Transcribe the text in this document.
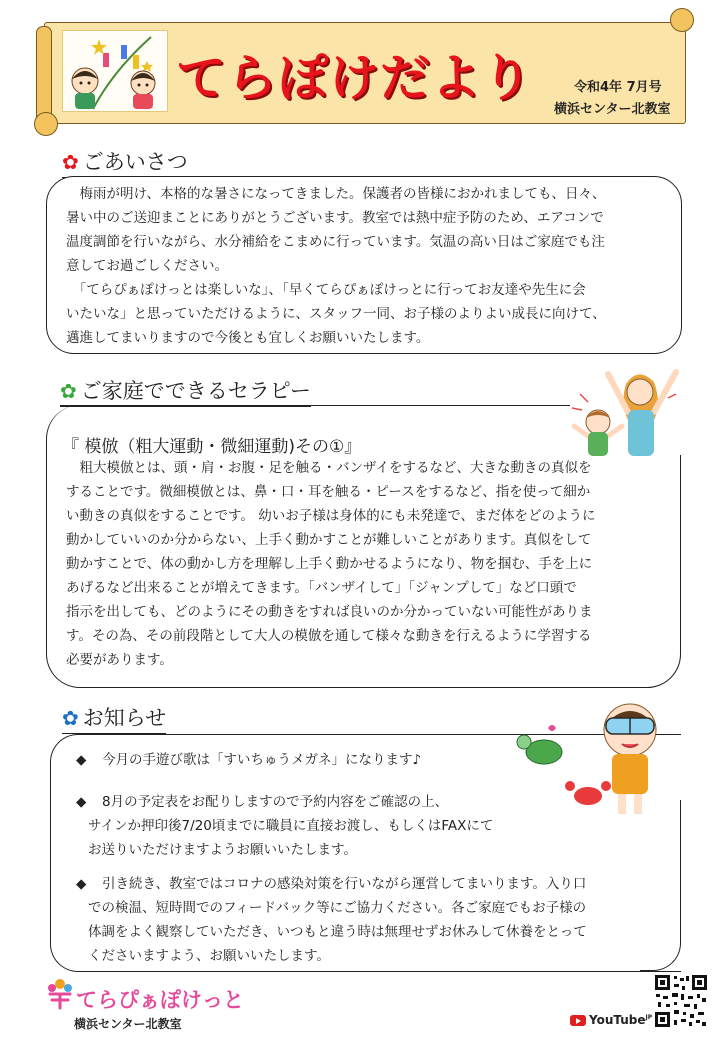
てらぽけだより	令和4年 7月号
横浜センター北教室
✿ ごあいさつ
　梅雨が明け、本格的な暑さになってきました。保護者の皆様におかれましても、日々、
暑い中のご送迎まことにありがとうございます。教室では熱中症予防のため、エアコンで
温度調節を行いながら、水分補給をこまめに行っています。気温の高い日はご家庭でも注
意してお過ごしください。
　「てらぴぁぽけっとは楽しいな」、「早くてらぴぁぽけっとに行ってお友達や先生に会
いたいな」と思っていただけるように、スタッフ一同、お子様のよりよい成長に向けて、
邁進してまいりますので今後とも宜しくお願いいたします。
✿ ご家庭でできるセラピー
『 模倣（粗大運動・微細運動)その①』
　粗大模倣とは、頭・肩・お腹・足を触る・バンザイをするなど、大きな動きの真似を
することです。微細模倣とは、鼻・口・耳を触る・ピースをするなど、指を使って細か
い動きの真似をすることです。 幼いお子様は身体的にも未発達で、まだ体をどのように
動かしていいのか分からない、上手く動かすことが難しいことがあります。真似をして
動かすことで、体の動かし方を理解し上手く動かせるようになり、物を掴む、手を上に
あげるなど出来ることが増えてきます。「バンザイして」「ジャンプして」など口頭で
指示を出しても、どのようにその動きをすれば良いのか分かっていない可能性がありま
す。その為、その前段階として大人の模倣を通して様々な動きを行えるように学習する
必要があります。
✿ お知らせ
◆ 今月の手遊び歌は「すいちゅうメガネ」になります♪
◆ 8月の予定表をお配りしますので予約内容をご確認の上、
サインか押印後7/20頃までに職員に直接お渡し、もしくはFAXにて
お送りいただけますようお願いいたします。
◆ 引き続き、教室ではコロナの感染対策を行いながら運営してまいります。入り口
での検温、短時間でのフィードバック等にご協力ください。各ご家庭でもお子様の
体調をよく観察していただき、いつもと違う時は無理せずお休みして休養をとって
くださいますよう、お願いいたします。
てらぴぁぽけっと
横浜センター北教室	YouTube$^{JP}$
